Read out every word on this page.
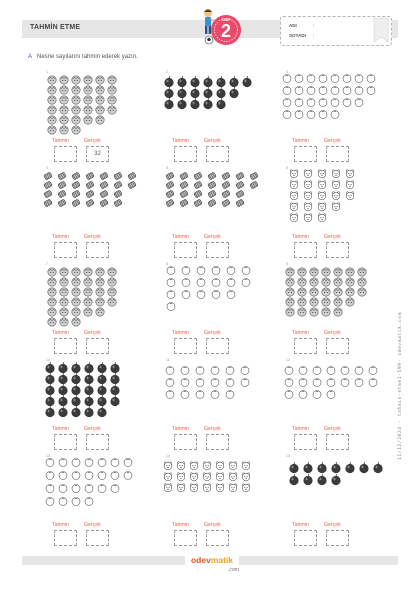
TAHMİN ETME	2
SINIF
ADI	:
SOYADI :
A Nesne sayılarını tahmin ederek yazın.
1
Tahmin	Gerçek
32
2
Tahmin	Gerçek
3
Tahmin	Gerçek
4
Tahmin	Gerçek
5
Tahmin	Gerçek
6
Tahmin	Gerçek
7
Tahmin	Gerçek
8
Tahmin	Gerçek
9
Tahmin	Gerçek
10
Tahmin	Gerçek
11
Tahmin	Gerçek
12
Tahmin	Gerçek
13
Tahmin	Gerçek
14
Tahmin	Gerçek
15
Tahmin	Gerçek
11/12/2024 - tahmin-etme1-599- odevmatik.com
odevmatik
.com
